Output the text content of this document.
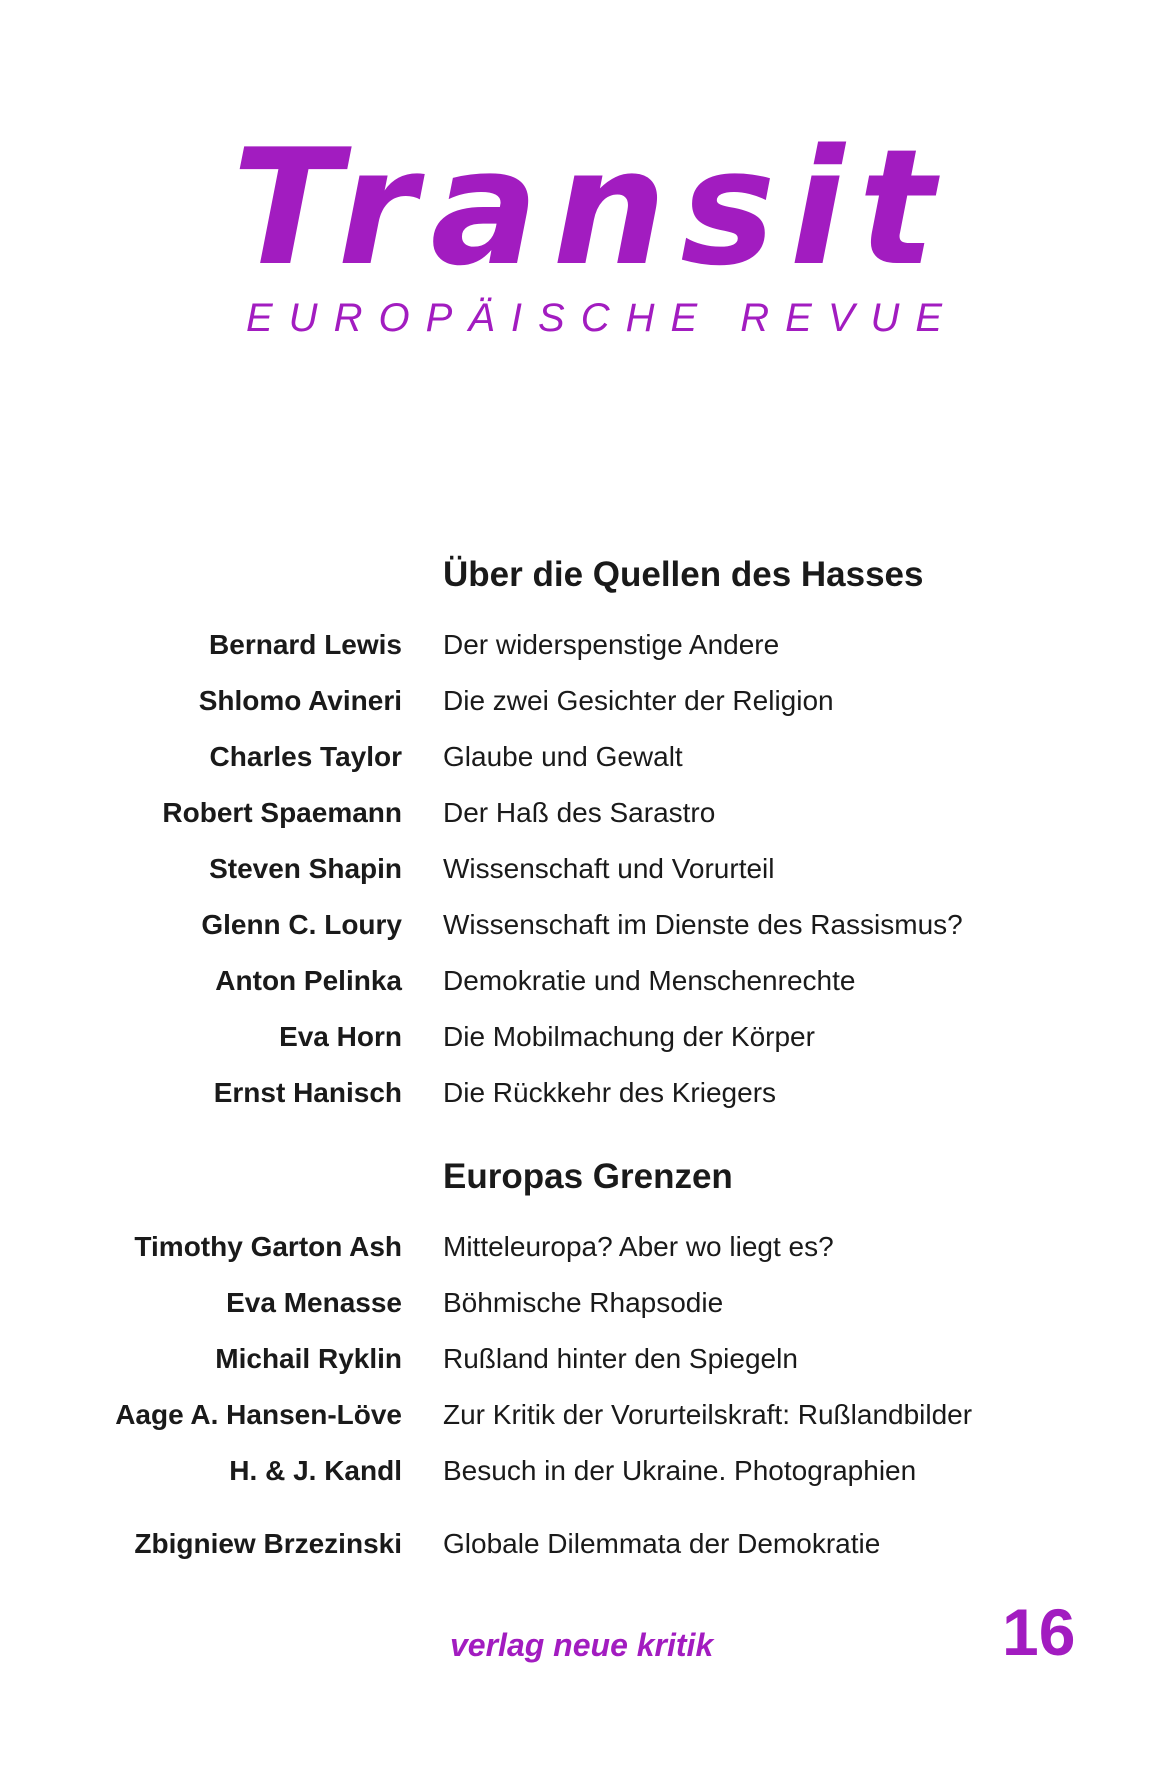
Transit
EUROPÄISCHE REVUE
Über die Quellen des Hasses
Bernard Lewis Der widerspenstige Andere
Shlomo Avineri Die zwei Gesichter der Religion
Charles Taylor Glaube und Gewalt
Robert Spaemann Der Haß des Sarastro
Steven Shapin Wissenschaft und Vorurteil
Glenn C. Loury Wissenschaft im Dienste des Rassismus?
Anton Pelinka Demokratie und Menschenrechte
Eva Horn Die Mobilmachung der Körper
Ernst Hanisch Die Rückkehr des Kriegers
Europas Grenzen
Timothy Garton Ash Mitteleuropa? Aber wo liegt es?
Eva Menasse Böhmische Rhapsodie
Michail Ryklin Rußland hinter den Spiegeln
Aage A. Hansen-Löve Zur Kritik der Vorurteilskraft: Rußlandbilder
H. & J. Kandl Besuch in der Ukraine. Photographien
Zbigniew Brzezinski Globale Dilemmata der Demokratie
verlag neue kritik	16
